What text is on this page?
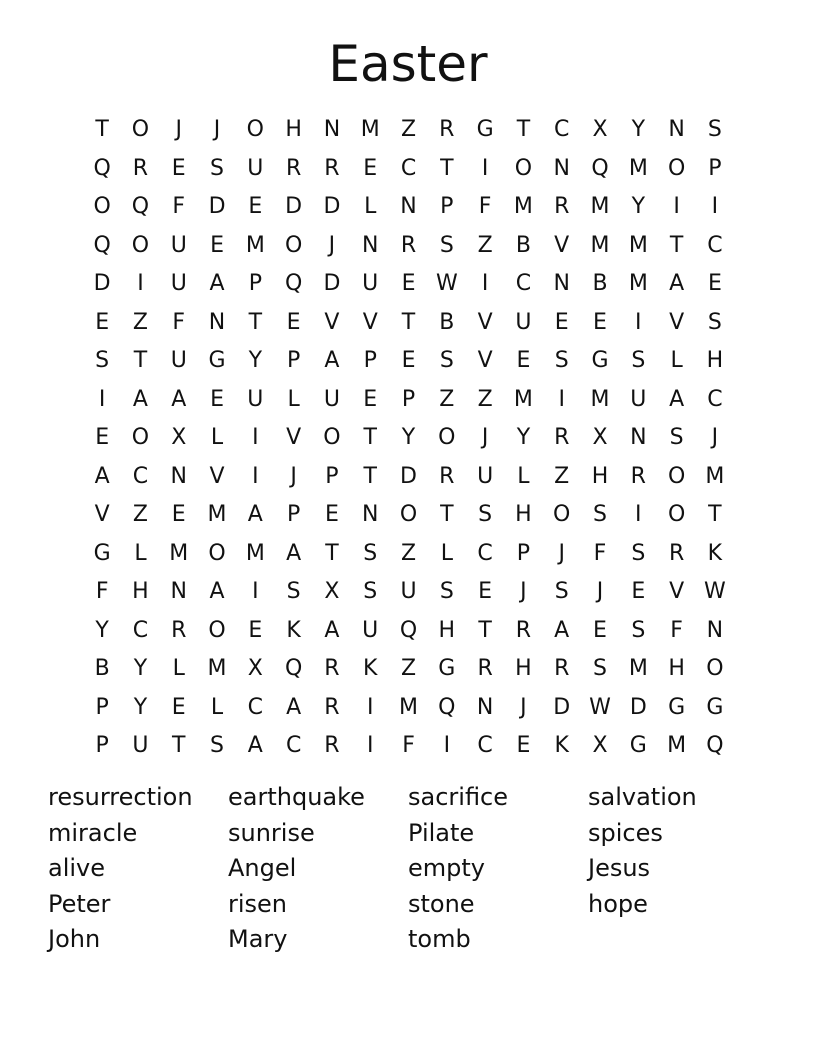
Easter
T	O	J	J	O H N M Z	R	G	T	C	X	Y	N	S
Q R	E	S	U	R	R	E	C	T	I	O N Q M O	P
O Q	F	D	E	D D	L	N	P	F	M R M	Y	I	I
Q O U	E M O	J	N	R	S	Z	B	V M M	T	C
D	I	U	A	P	Q D U	E W	I	C	N	B M A	E
E	Z	F	N	T	E	V	V	T	B	V	U	E	E	I	V	S
S	T	U G	Y	P	A	P	E	S	V	E	S	G	S	L	H
I	A	A	E	U	L	U	E	P	Z	Z M	I	M U	A	C
E	O	X	L	I	V	O	T	Y	O	J	Y	R	X	N	S	J
A	C	N	V	I	J	P	T	D	R	U	L	Z	H	R O M
V	Z	E M A	P	E	N O	T	S	H O	S	I	O	T
G	L	M O M A	T	S	Z	L	C	P	J	F	S	R	K
F	H N	A	I	S	X	S	U	S	E	J	S	J	E	V W
Y	C	R O	E	K	A	U Q H	T	R	A	E	S	F	N
B	Y	L	M X	Q R	K	Z	G	R	H	R	S M H O
P	Y	E	L	C	A	R	I	M Q N	J	D W D G G
P	U	T	S	A	C	R	I	F	I	C	E	K	X	G M Q
resurrection
miracle
alive
Peter
John
earthquake
sunrise
Angel
risen
Mary
sacrifice
Pilate
empty
stone
tomb
salvation
spices
Jesus
hope
